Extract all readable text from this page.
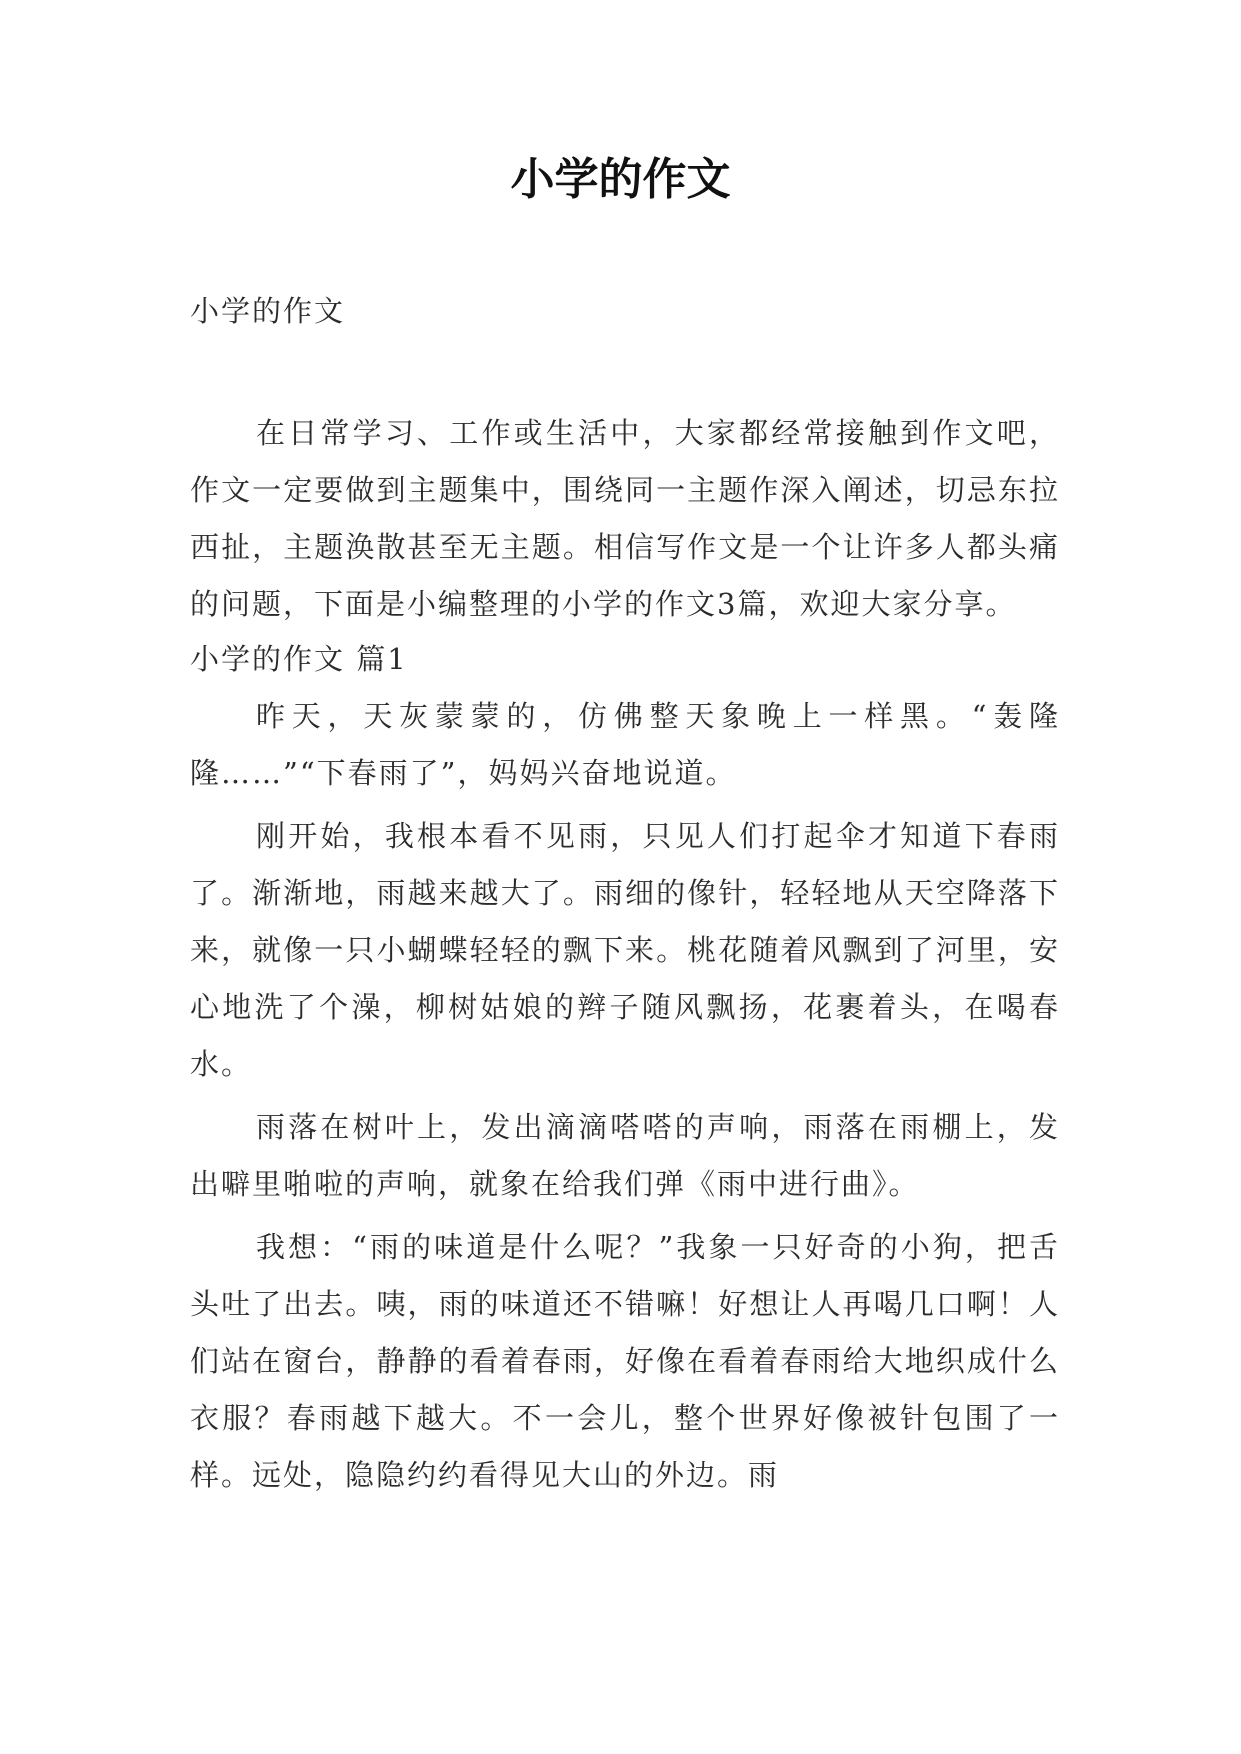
小学的作文
小学的作文

在日常学习、工作或生活中，大家都经常接触到作文吧，作文一定要做到主题集中，围绕同一主题作深入阐述，切忌东拉西扯，主题涣散甚至无主题。相信写作文是一个让许多人都头痛的问题，下面是小编整理的小学的作文3篇，欢迎大家分享。

小学的作文 篇1

昨天，天灰蒙蒙的，仿佛整天象晚上一样黑。“轰隆隆……”“下春雨了”，妈妈兴奋地说道。

刚开始，我根本看不见雨，只见人们打起伞才知道下春雨了。渐渐地，雨越来越大了。雨细的像针，轻轻地从天空降落下来，就像一只小蝴蝶轻轻的飘下来。桃花随着风飘到了河里，安心地洗了个澡，柳树姑娘的辫子随风飘扬，花裹着头，在喝春水。

雨落在树叶上，发出滴滴嗒嗒的声响，雨落在雨棚上，发出噼里啪啦的声响，就象在给我们弹《雨中进行曲》。

我想：“雨的味道是什么呢？”我象一只好奇的小狗，把舌头吐了出去。咦，雨的味道还不错嘛！好想让人再喝几口啊！人们站在窗台，静静的看着春雨，好像在看着春雨给大地织成什么衣服？春雨越下越大。不一会儿，整个世界好像被针包围了一样。远处，隐隐约约看得见大山的外边。雨
